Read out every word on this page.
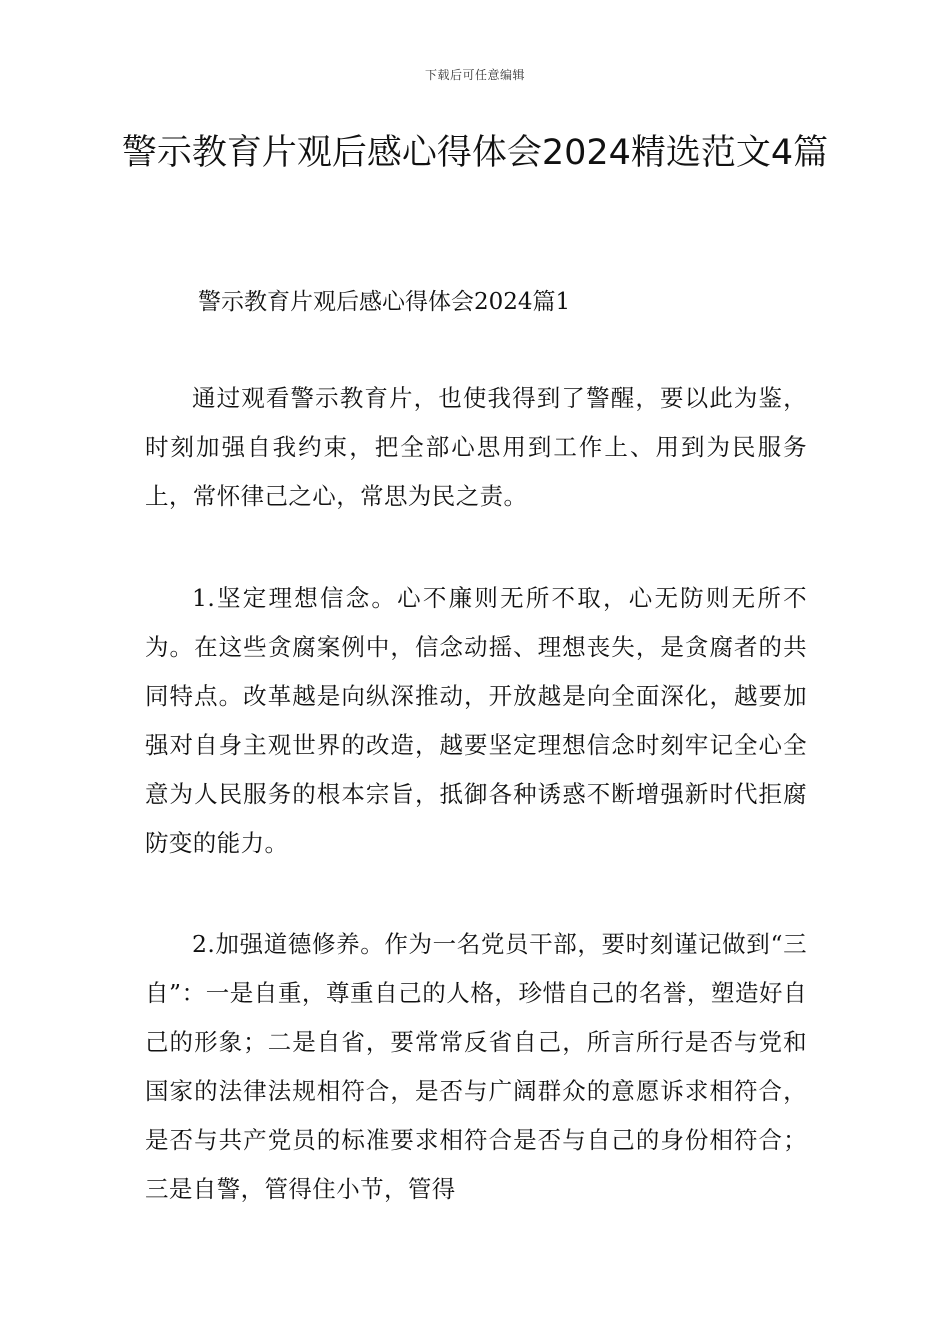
下载后可任意编辑
警示教育片观后感心得体会2024精选范文4篇
警示教育片观后感心得体会2024篇1

通过观看警示教育片，也使我得到了警醒，要以此为鉴，时刻加强自我约束，把全部心思用到工作上、用到为民服务上，常怀律己之心，常思为民之责。

1.坚定理想信念。心不廉则无所不取，心无防则无所不为。在这些贪腐案例中，信念动摇、理想丧失，是贪腐者的共同特点。改革越是向纵深推动，开放越是向全面深化，越要加强对自身主观世界的改造，越要坚定理想信念时刻牢记全心全意为人民服务的根本宗旨，抵御各种诱惑不断增强新时代拒腐防变的能力。

2.加强道德修养。作为一名党员干部，要时刻谨记做到“三自”：一是自重，尊重自己的人格，珍惜自己的名誉，塑造好自己的形象；二是自省，要常常反省自己，所言所行是否与党和国家的法律法规相符合，是否与广阔群众的意愿诉求相符合，是否与共产党员的标准要求相符合是否与自己的身份相符合；三是自警，管得住小节，管得
